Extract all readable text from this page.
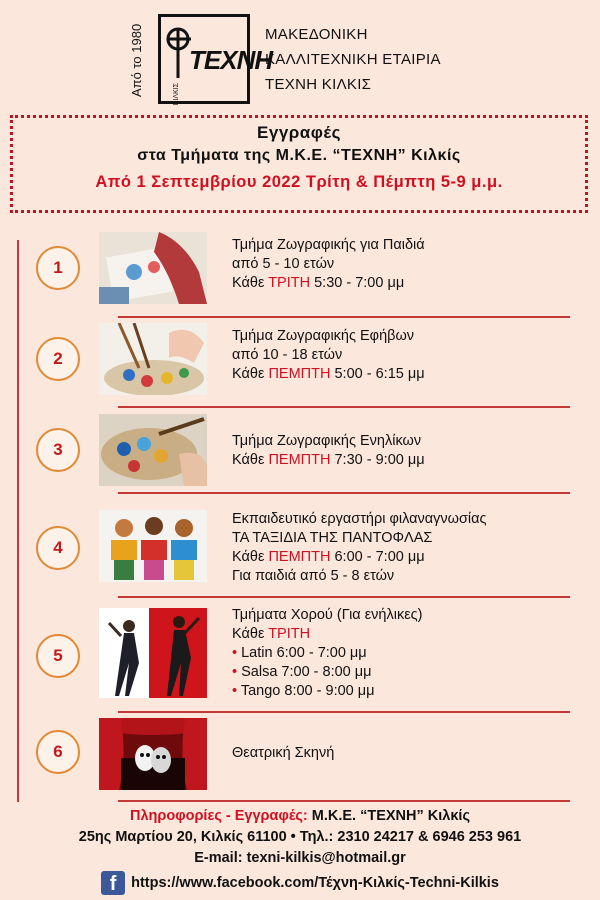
Από το 1980	ΚΙΛΚΙΣ
ΤΕΧΝΗ
ΜΑΚΕΔΟΝΙΚΗ
ΚΑΛΛΙΤΕΧΝΙΚΗ ΕΤΑΙΡΙΑ
ΤΕΧΝΗ ΚΙΛΚΙΣ
Εγγραφές
στα Τμήματα της Μ.Κ.Ε. “ΤΕΧΝΗ” Κιλκίς
Από 1 Σεπτεμβρίου 2022 Τρίτη & Πέμπτη 5-9 μ.μ.
1
Τμήμα Ζωγραφικής για Παιδιά
από 5 - 10 ετών
Κάθε ΤΡΙΤΗ 5:30 - 7:00 μμ
2
Τμήμα Ζωγραφικής Εφήβων
από 10 - 18 ετών
Κάθε ΠΕΜΠΤΗ 5:00 - 6:15 μμ
3	Τμήμα Ζωγραφικής Ενηλίκων
Κάθε ΠΕΜΠΤΗ 7:30 - 9:00 μμ
4
Εκπαιδευτικό εργαστήρι φιλαναγνωσίας
ΤΑ ΤΑΞΙΔΙΑ ΤΗΣ ΠΑΝΤΟΦΛΑΣ
Κάθε ΠΕΜΠΤΗ 6:00 - 7:00 μμ
Για παιδιά από 5 - 8 ετών
5
Τμήματα Χορού (Για ενήλικες)
Κάθε ΤΡΙΤΗ
• Latin 6:00 - 7:00 μμ
• Salsa 7:00 - 8:00 μμ
• Tango 8:00 - 9:00 μμ
6	Θεατρική Σκηνή
Πληροφορίες - Εγγραφές: Μ.Κ.Ε. “ΤΕΧΝΗ” Κιλκίς
25ης Μαρτίου 20, Κιλκίς 61100 • Τηλ.: 2310 24217 & 6946 253 961
E-mail: texni-kilkis@hotmail.gr
f https://www.facebook.com/Τέχνη-Κιλκίς-Techni-Kilkis
